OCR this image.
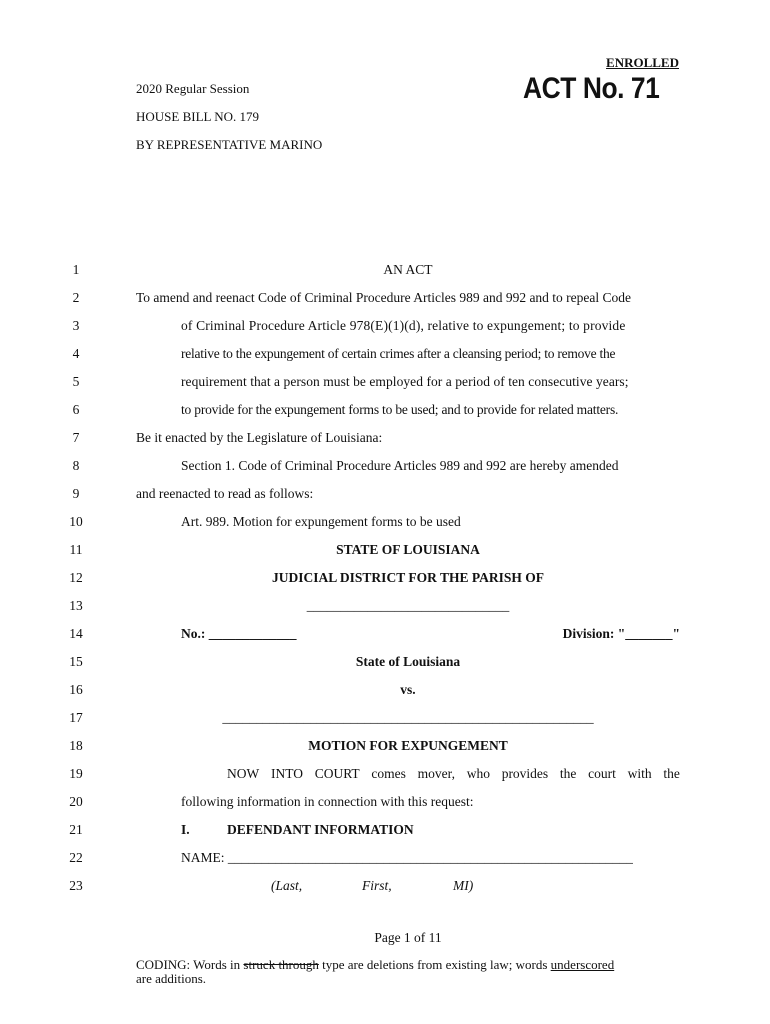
ENROLLED
ACT No. 71
2020 Regular Session
HOUSE BILL NO. 179
BY REPRESENTATIVE MARINO
1
2
3
4
5
6
7
8
9
10
11
12
13
14
15
16
17
18
19
20
21
22
23
AN ACT
To amend and reenact Code of Criminal Procedure Articles 989 and 992 and to repeal Code
of Criminal Procedure Article 978(E)(1)(d), relative to expungement; to provide
relative to the expungement of certain crimes after a cleansing period; to remove the
requirement that a person must be employed for a period of ten consecutive years;
to provide for the expungement forms to be used; and to provide for related matters.
Be it enacted by the Legislature of Louisiana:
Section 1. Code of Criminal Procedure Articles 989 and 992 are hereby amended
and reenacted to read as follows:
Art. 989. Motion for expungement forms to be used
STATE OF LOUISIANA
JUDICIAL DISTRICT FOR THE PARISH OF
______________________________
No.: _____________	Division: "_______"
State of Louisiana
vs.
_______________________________________________________
MOTION FOR EXPUNGEMENT
NOW INTO COURT comes mover, who provides the court with the
following information in connection with this request:
I.	DEFENDANT INFORMATION
NAME: ____________________________________________________________
(Last,	First,	MI)
Page 1 of 11
CODING: Words in struck through type are deletions from existing law; words underscored
are additions.
